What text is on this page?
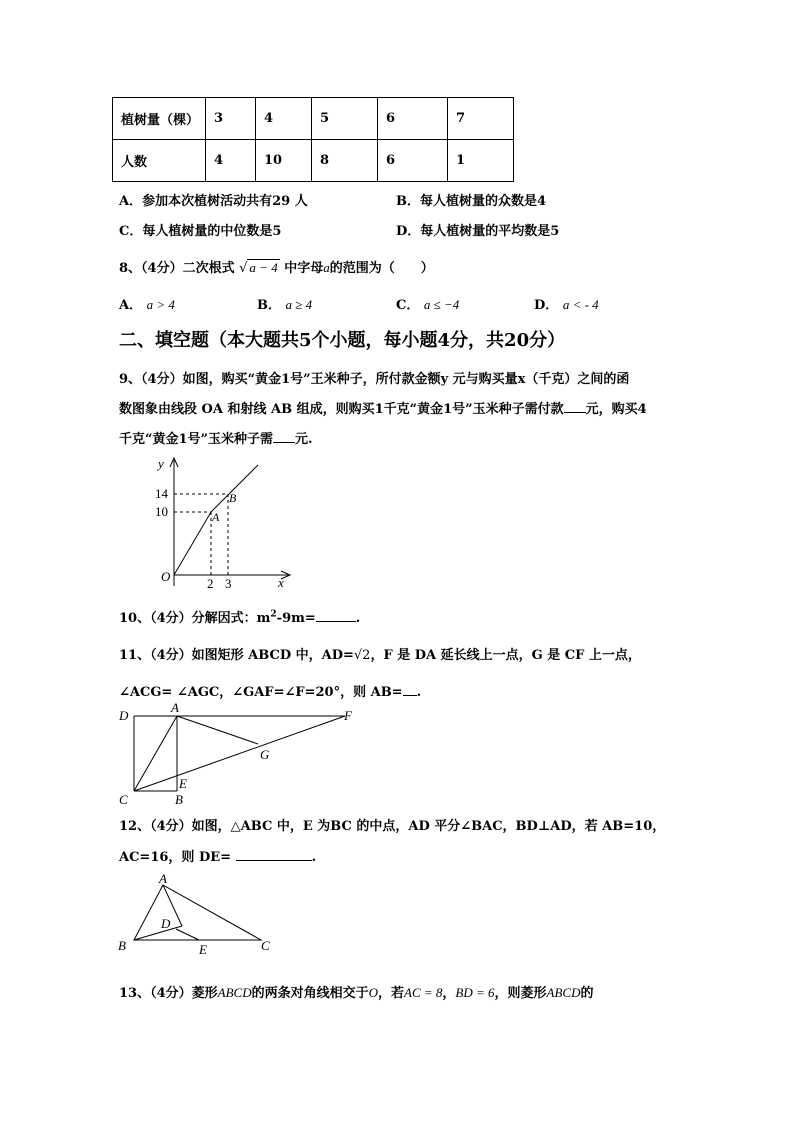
植树量（棵）	3	4	5	6	7
人数	4	10	8	6	1
A．参加本次植树活动共有29 人	B．每人植树量的众数是4
C．每人植树量的中位数是5	D．每人植树量的平均数是5
8、（4分）二次根式 √ a − 4 中字母a的范围为（　　）
A． a > 4	B． a ≥ 4	C． a ≤ −4	D． a < - 4
二、填空题（本大题共5个小题，每小题4分，共20分）
9、（4分）如图，购买“黄金1号”王米种子，所付款金额y 元与购买量x（千克）之间的函
数图象由线段 OA 和射线 AB 组成，则购买1千克“黄金1号”玉米种子需付款 元，购买4
千克“黄金1号”玉米种子需 元.
y
x
O
A
B
14
10
2 3
10、（4分）分解因式：$m^2-9m=$	.
11、（4分）如图矩形 ABCD 中，AD=√2，F 是 DA 延长线上一点，G 是 CF 上一点，
∠ACG= ∠AGC，∠GAF=∠F=20°，则 AB= .
D
A
F
G
E
C	B
12、（4分）如图，△ABC 中，E 为BC 的中点，AD 平分∠BAC，BD⊥AD，若 AB=10，
AC=16，则 DE=	.
A
B	C
D
E
13、（4分）菱形ABCD的两条对角线相交于O，若AC = 8，BD = 6，则菱形ABCD的
